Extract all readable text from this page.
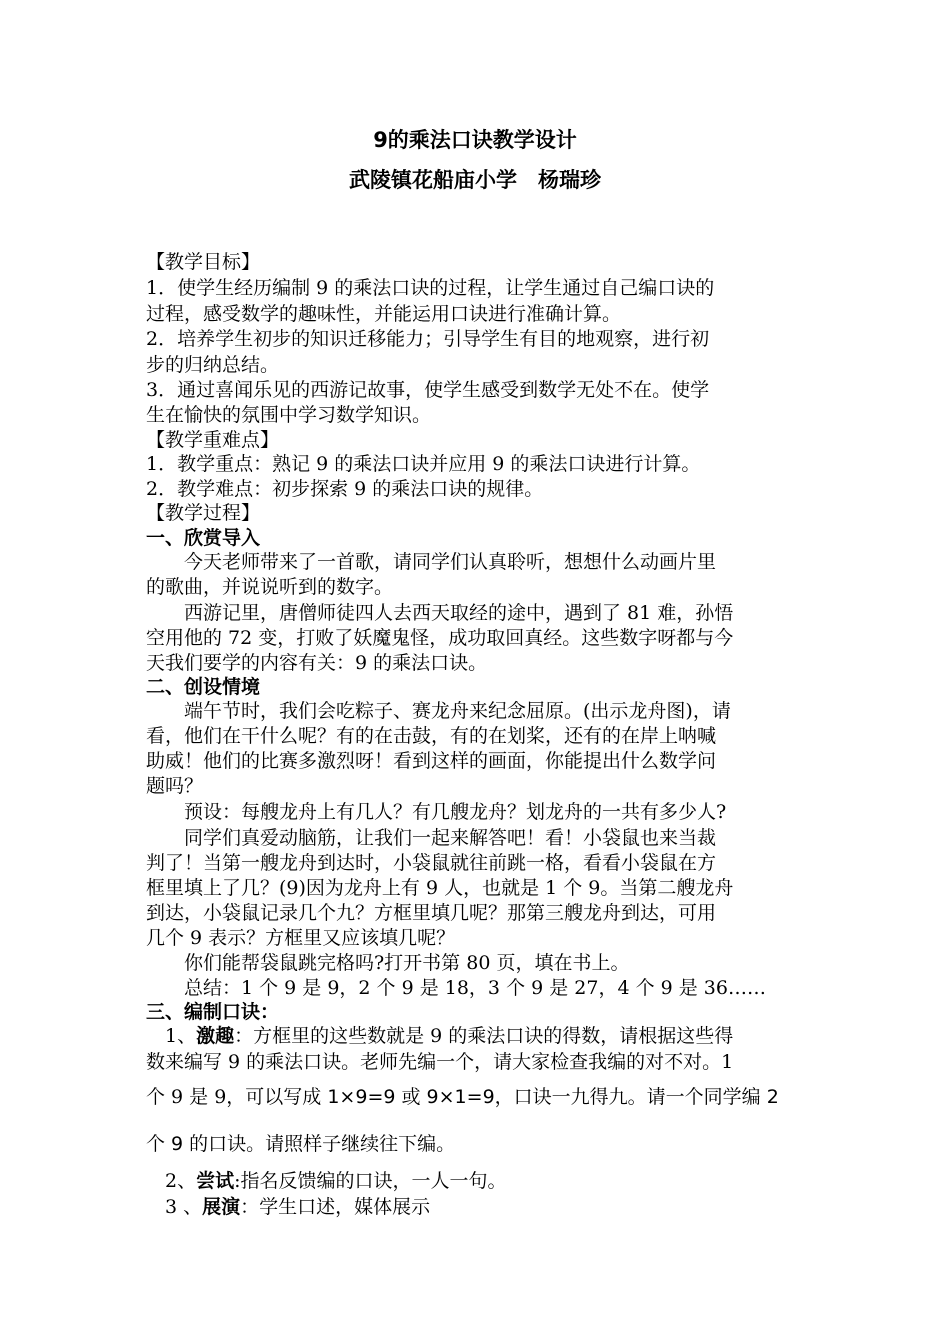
9的乘法口诀教学设计
武陵镇花船庙小学　杨瑞珍
【教学目标】
1．使学生经历编制 9 的乘法口诀的过程，让学生通过自己编口诀的
过程，感受数学的趣味性，并能运用口诀进行准确计算。
2．培养学生初步的知识迁移能力；引导学生有目的地观察，进行初
步的归纳总结。
3．通过喜闻乐见的西游记故事，使学生感受到数学无处不在。使学
生在愉快的氛围中学习数学知识。
【教学重难点】
1．教学重点：熟记 9 的乘法口诀并应用 9 的乘法口诀进行计算。
2．教学难点：初步探索 9 的乘法口诀的规律。
【教学过程】
一、欣赏导入
　　今天老师带来了一首歌，请同学们认真聆听，想想什么动画片里
的歌曲，并说说听到的数字。
　　西游记里，唐僧师徒四人去西天取经的途中，遇到了 81 难，孙悟
空用他的 72 变，打败了妖魔鬼怪，成功取回真经。这些数字呀都与今
天我们要学的内容有关：9 的乘法口诀。
二、创设情境
　　端午节时，我们会吃粽子、赛龙舟来纪念屈原。(出示龙舟图)，请
看，他们在干什么呢？有的在击鼓，有的在划桨，还有的在岸上呐喊
助威！他们的比赛多激烈呀！看到这样的画面，你能提出什么数学问
题吗？
　　预设：每艘龙舟上有几人？有几艘龙舟？划龙舟的一共有多少人?
　　同学们真爱动脑筋，让我们一起来解答吧！看！小袋鼠也来当裁
判了！当第一艘龙舟到达时，小袋鼠就往前跳一格，看看小袋鼠在方
框里填上了几？(9)因为龙舟上有 9 人，也就是 1 个 9。当第二艘龙舟
到达，小袋鼠记录几个九？方框里填几呢？那第三艘龙舟到达，可用
几个 9 表示？方框里又应该填几呢？
　　你们能帮袋鼠跳完格吗?打开书第 80 页，填在书上。
　　总结：1 个 9 是 9，2 个 9 是 18，3 个 9 是 27，4 个 9 是 36……
三、编制口诀：
　1、激趣：方框里的这些数就是 9 的乘法口诀的得数，请根据这些得
数来编写 9 的乘法口诀。老师先编一个，请大家检查我编的对不对。1
个 9 是 9，可以写成 1×9=9 或 9×1=9，口诀一九得九。请一个同学编 2
个 9 的口诀。请照样子继续往下编。
　2、尝试:指名反馈编的口诀，一人一句。
　3 、展演：学生口述，媒体展示
